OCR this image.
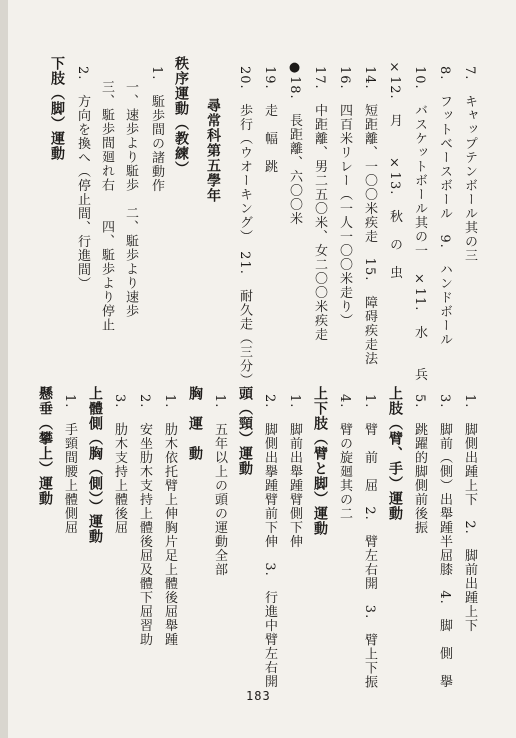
7.　キャップテンボール其の三
8.　フットベースボール　9.　ハンドボール
10.　バスケットボール其の一　×11.　水　　兵
×12.　月　　×13.　秋　の　虫
14.　短距離、一〇〇米疾走　15.　障碍疾走法
16.　四百米リレー（一人一〇〇米走り）
17.　中距離、男二五〇米、女二〇〇米疾走
●18.　長距離、六〇〇米
19.　走　幅　跳
20.　歩行（ウオーキング）　21.　耐久走（三分）
尋常科第五學年
秩序運動（教練）
1.　駈歩間の諸動作
一、速歩より駈歩　二、駈歩より速歩
三、駈歩間廻れ右　　四、駈歩より停止
2.　方向を換へ（停止間、行進間）
下肢（脚）運動
1.　脚側出踵上下　2.　脚前出踵上下
3.　脚前（側）出舉踵半屈膝　4.　脚　側　擧
5.　跳躍的脚側前後振
上肢（臂、手）運動
1.　臂　前　屈　2.　臂左右開　3.　臂上下振
4.　臂の旋廻其の二
上下肢（臂と脚）運動
1.　脚前出舉踵臂側下伸
2.　脚側出擧踵臂前下伸　3.　行進中臂左右開
頭（頸）運動
1.　五年以上の頭の運動全部
胸　運　動
1.　肋木依托臂上伸胸片足上體後屈舉踵
2.　安坐肋木支持上體後屈及體下屈習助
3.　肋木支持上體後屈
上體側（胸（側））運動
1.　手頸間腰上體側屈
懸垂（攀上）運動
183
